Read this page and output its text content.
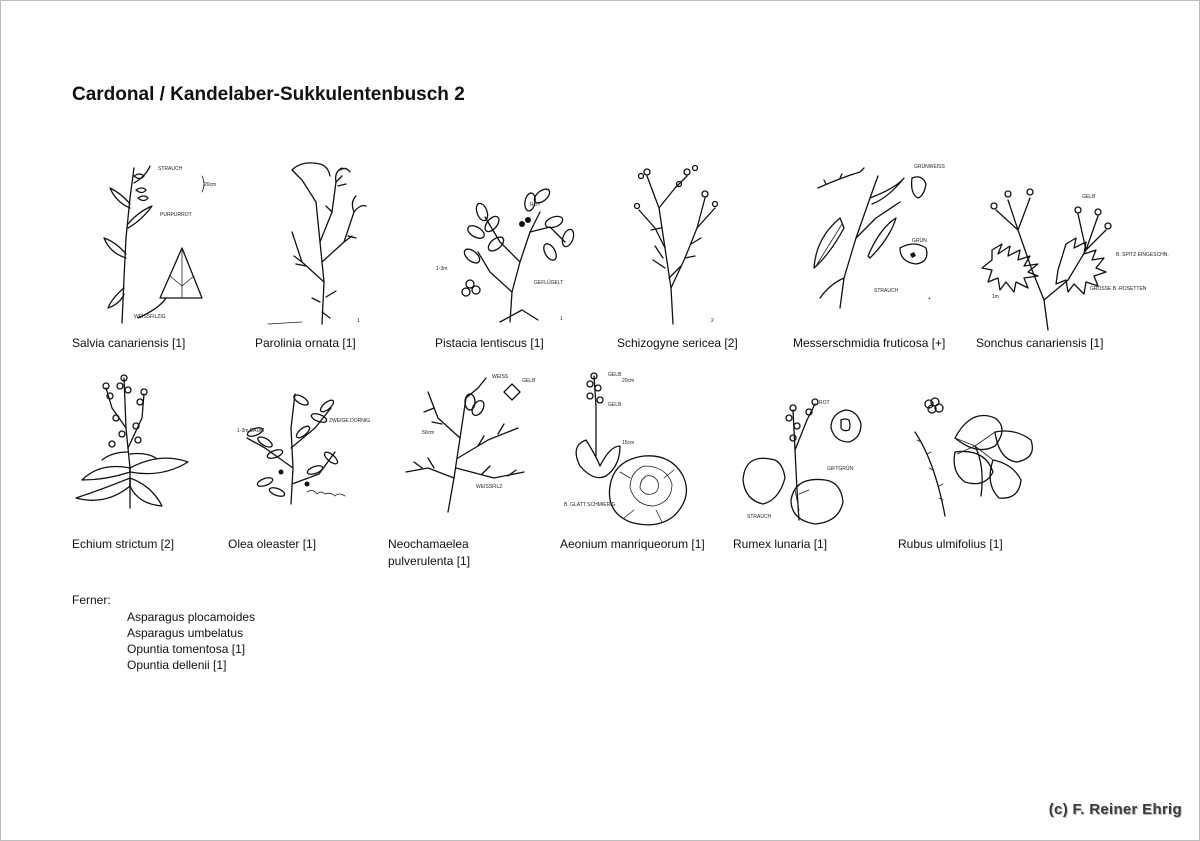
Cardonal / Kandelaber-Sukkulentenbusch 2
STRAUCH
PURPURROT
20cm
WEISSFILZIG
1
ROT
1-3m
GEFLÜGELT
1	2
GRÜNWEISS
GRÜN
STRAUCH
+
GELB
B. SPITZ EINGESCHN.
1m
GROSSE B.-ROSETTEN
Salvia canariensis [1]	Parolinia ornata [1]	Pistacia lentiscus [1]	Schizogyne sericea [2]	Messerschmidia fruticosa [+]	Sonchus canariensis [1]
1-3m BAUM
ZWEIGE DORNIG
WEISS
GELB
50cm
WEISSFILZ
GELB
20cm
15cm
GELB
B. GLATT SCHMIERIG
ROT
GIFTGRÜN
STRAUCH
Echium strictum [2]	Olea oleaster [1]	Neochamaelea pulverulenta [1]
Aeonium manriqueorum [1]	Rumex lunaria [1]	Rubus ulmifolius [1]
Ferner:
Asparagus plocamoides
Asparagus umbelatus
Opuntia tomentosa [1]
Opuntia dellenii [1]
(c) F. Reiner Ehrig
